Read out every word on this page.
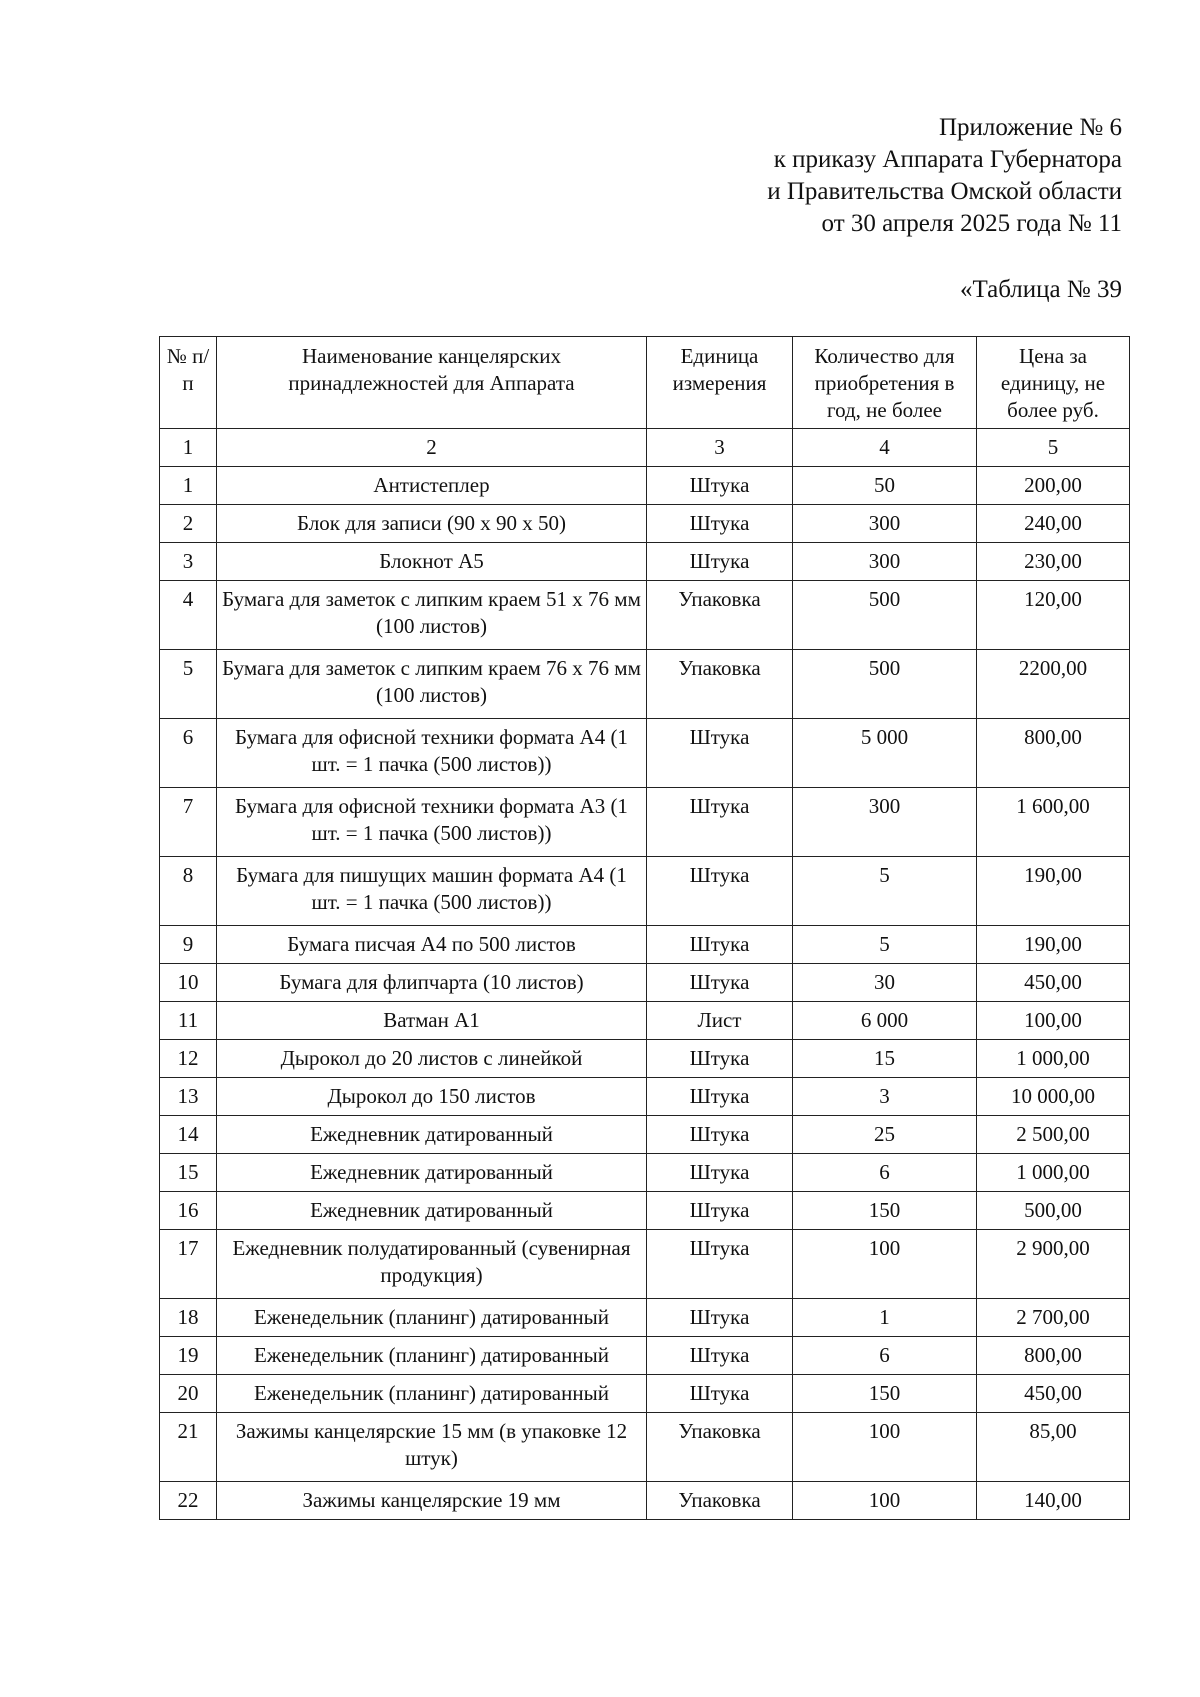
Приложение № 6
к приказу Аппарата Губернатора
и Правительства Омской области
от 30 апреля 2025 года № 11
«Таблица № 39
№ п/п	Наименование канцелярских принадлежностей для Аппарата	Единица измерения	Количество для приобретения в год, не более	Цена за единицу, не более руб.
1	2	3	4	5
1	Антистеплер	Штука	50	200,00
2	Блок для записи (90 х 90 х 50)	Штука	300	240,00
3	Блокнот А5	Штука	300	230,00
4	Бумага для заметок с липким краем 51 х 76 мм (100 листов)	Упаковка	500	120,00
5	Бумага для заметок с липким краем 76 х 76 мм (100 листов)	Упаковка	500	2200,00
6	Бумага для офисной техники формата А4 (1 шт. = 1 пачка (500 листов))	Штука	5 000	800,00
7	Бумага для офисной техники формата А3 (1 шт. = 1 пачка (500 листов))	Штука	300	1 600,00
8	Бумага для пишущих машин формата А4 (1 шт. = 1 пачка (500 листов))	Штука	5	190,00
9	Бумага писчая А4 по 500 листов	Штука	5	190,00
10	Бумага для флипчарта (10 листов)	Штука	30	450,00
11	Ватман А1	Лист	6 000	100,00
12	Дырокол до 20 листов с линейкой	Штука	15	1 000,00
13	Дырокол до 150 листов	Штука	3	10 000,00
14	Ежедневник датированный	Штука	25	2 500,00
15	Ежедневник датированный	Штука	6	1 000,00
16	Ежедневник датированный	Штука	150	500,00
17	Ежедневник полудатированный (сувенирная продукция)	Штука	100	2 900,00
18	Еженедельник (планинг) датированный	Штука	1	2 700,00
19	Еженедельник (планинг) датированный	Штука	6	800,00
20	Еженедельник (планинг) датированный	Штука	150	450,00
21	Зажимы канцелярские 15 мм (в упаковке 12 штук)	Упаковка	100	85,00
22	Зажимы канцелярские 19 мм	Упаковка	100	140,00
